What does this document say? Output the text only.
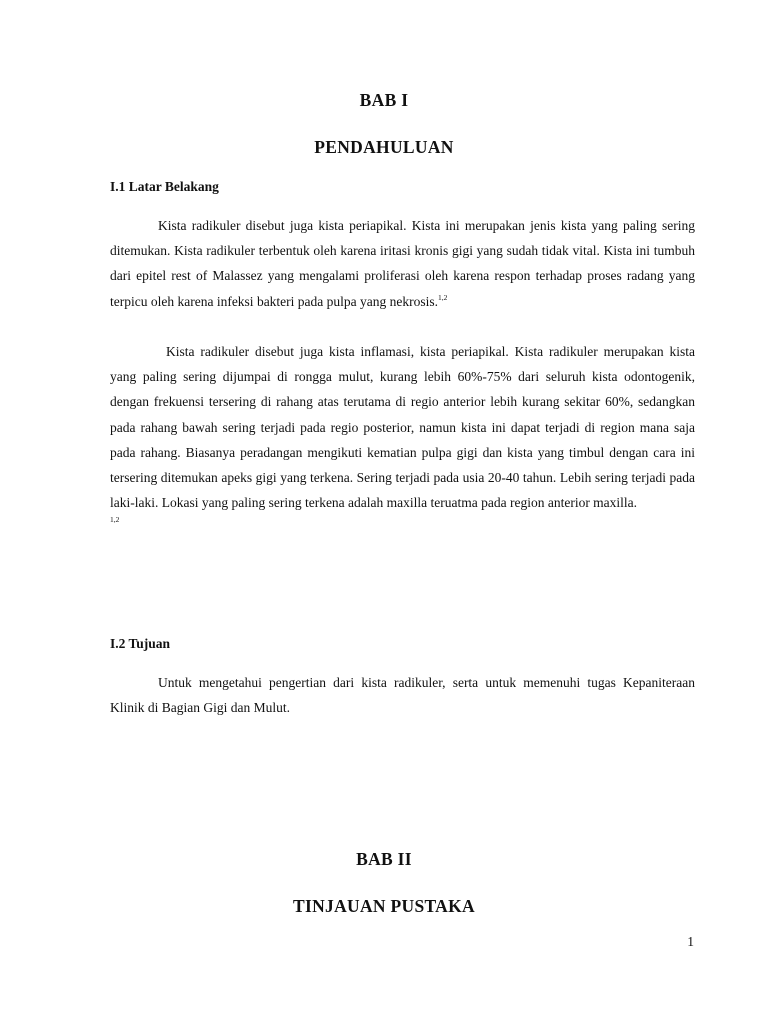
BAB I
PENDAHULUAN
I.1 Latar Belakang

Kista radikuler disebut juga kista periapikal. Kista ini merupakan jenis kista yang paling sering ditemukan. Kista radikuler terbentuk oleh karena iritasi kronis gigi yang sudah tidak vital. Kista ini tumbuh dari epitel rest of Malassez yang mengalami proliferasi oleh karena respon terhadap proses radang yang terpicu oleh karena infeksi bakteri pada pulpa yang nekrosis.$^{1,2}$

Kista radikuler disebut juga kista inflamasi, kista periapikal. Kista radikuler merupakan kista yang paling sering dijumpai di rongga mulut, kurang lebih 60%-75% dari seluruh kista odontogenik, dengan frekuensi tersering di rahang atas terutama di regio anterior lebih kurang sekitar 60%, sedangkan pada rahang bawah sering terjadi pada regio posterior, namun kista ini dapat terjadi di region mana saja pada rahang. Biasanya peradangan mengikuti kematian pulpa gigi dan kista yang timbul dengan cara ini tersering ditemukan apeks gigi yang terkena. Sering terjadi pada usia 20-40 tahun. Lebih sering terjadi pada laki-laki. Lokasi yang paling sering terkena adalah maxilla teruatma pada region anterior maxilla.
1,2

I.2 Tujuan

Untuk mengetahui pengertian dari kista radikuler, serta untuk memenuhi tugas Kepaniteraan Klinik di Bagian Gigi dan Mulut.

BAB II
TINJAUAN PUSTAKA
1
